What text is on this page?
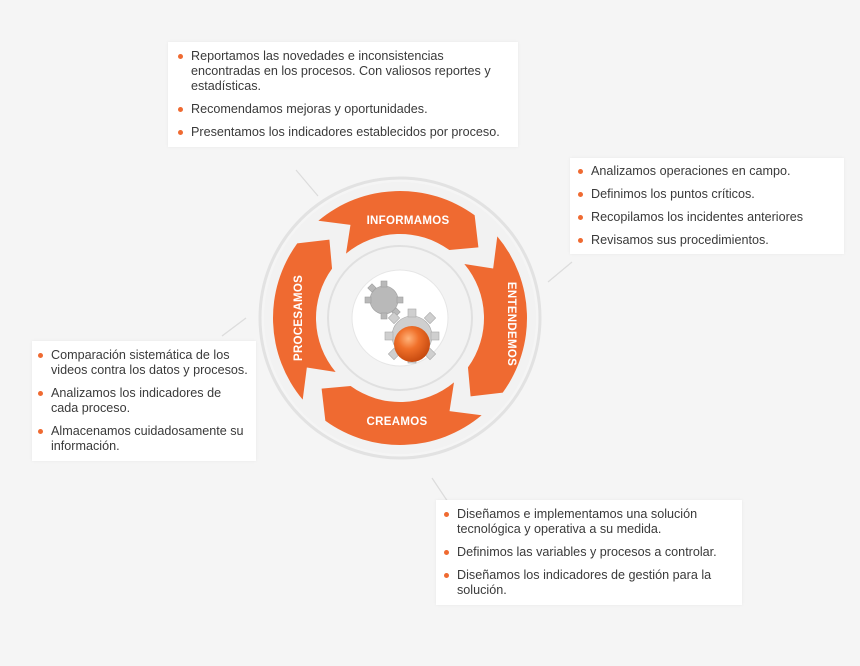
INFORMAMOS
ENTENDEMOS
CREAMOS
PROCESAMOS
Reportamos las novedades e inconsistencias encontradas en los procesos. Con valiosos reportes y estadísticas.
Recomendamos mejoras y oportunidades.
Presentamos los indicadores establecidos por proceso.
Analizamos operaciones en campo.
Definimos los puntos críticos.
Recopilamos los incidentes anteriores
Revisamos sus procedimientos.
Comparación sistemática de los videos contra los datos y procesos.
Analizamos los indicadores de cada proceso.
Almacenamos cuidadosamente su información.
Diseñamos e implementamos una solución tecnológica y operativa a su medida.
Definimos las variables y procesos a controlar.
Diseñamos los indicadores de gestión para la solución.
